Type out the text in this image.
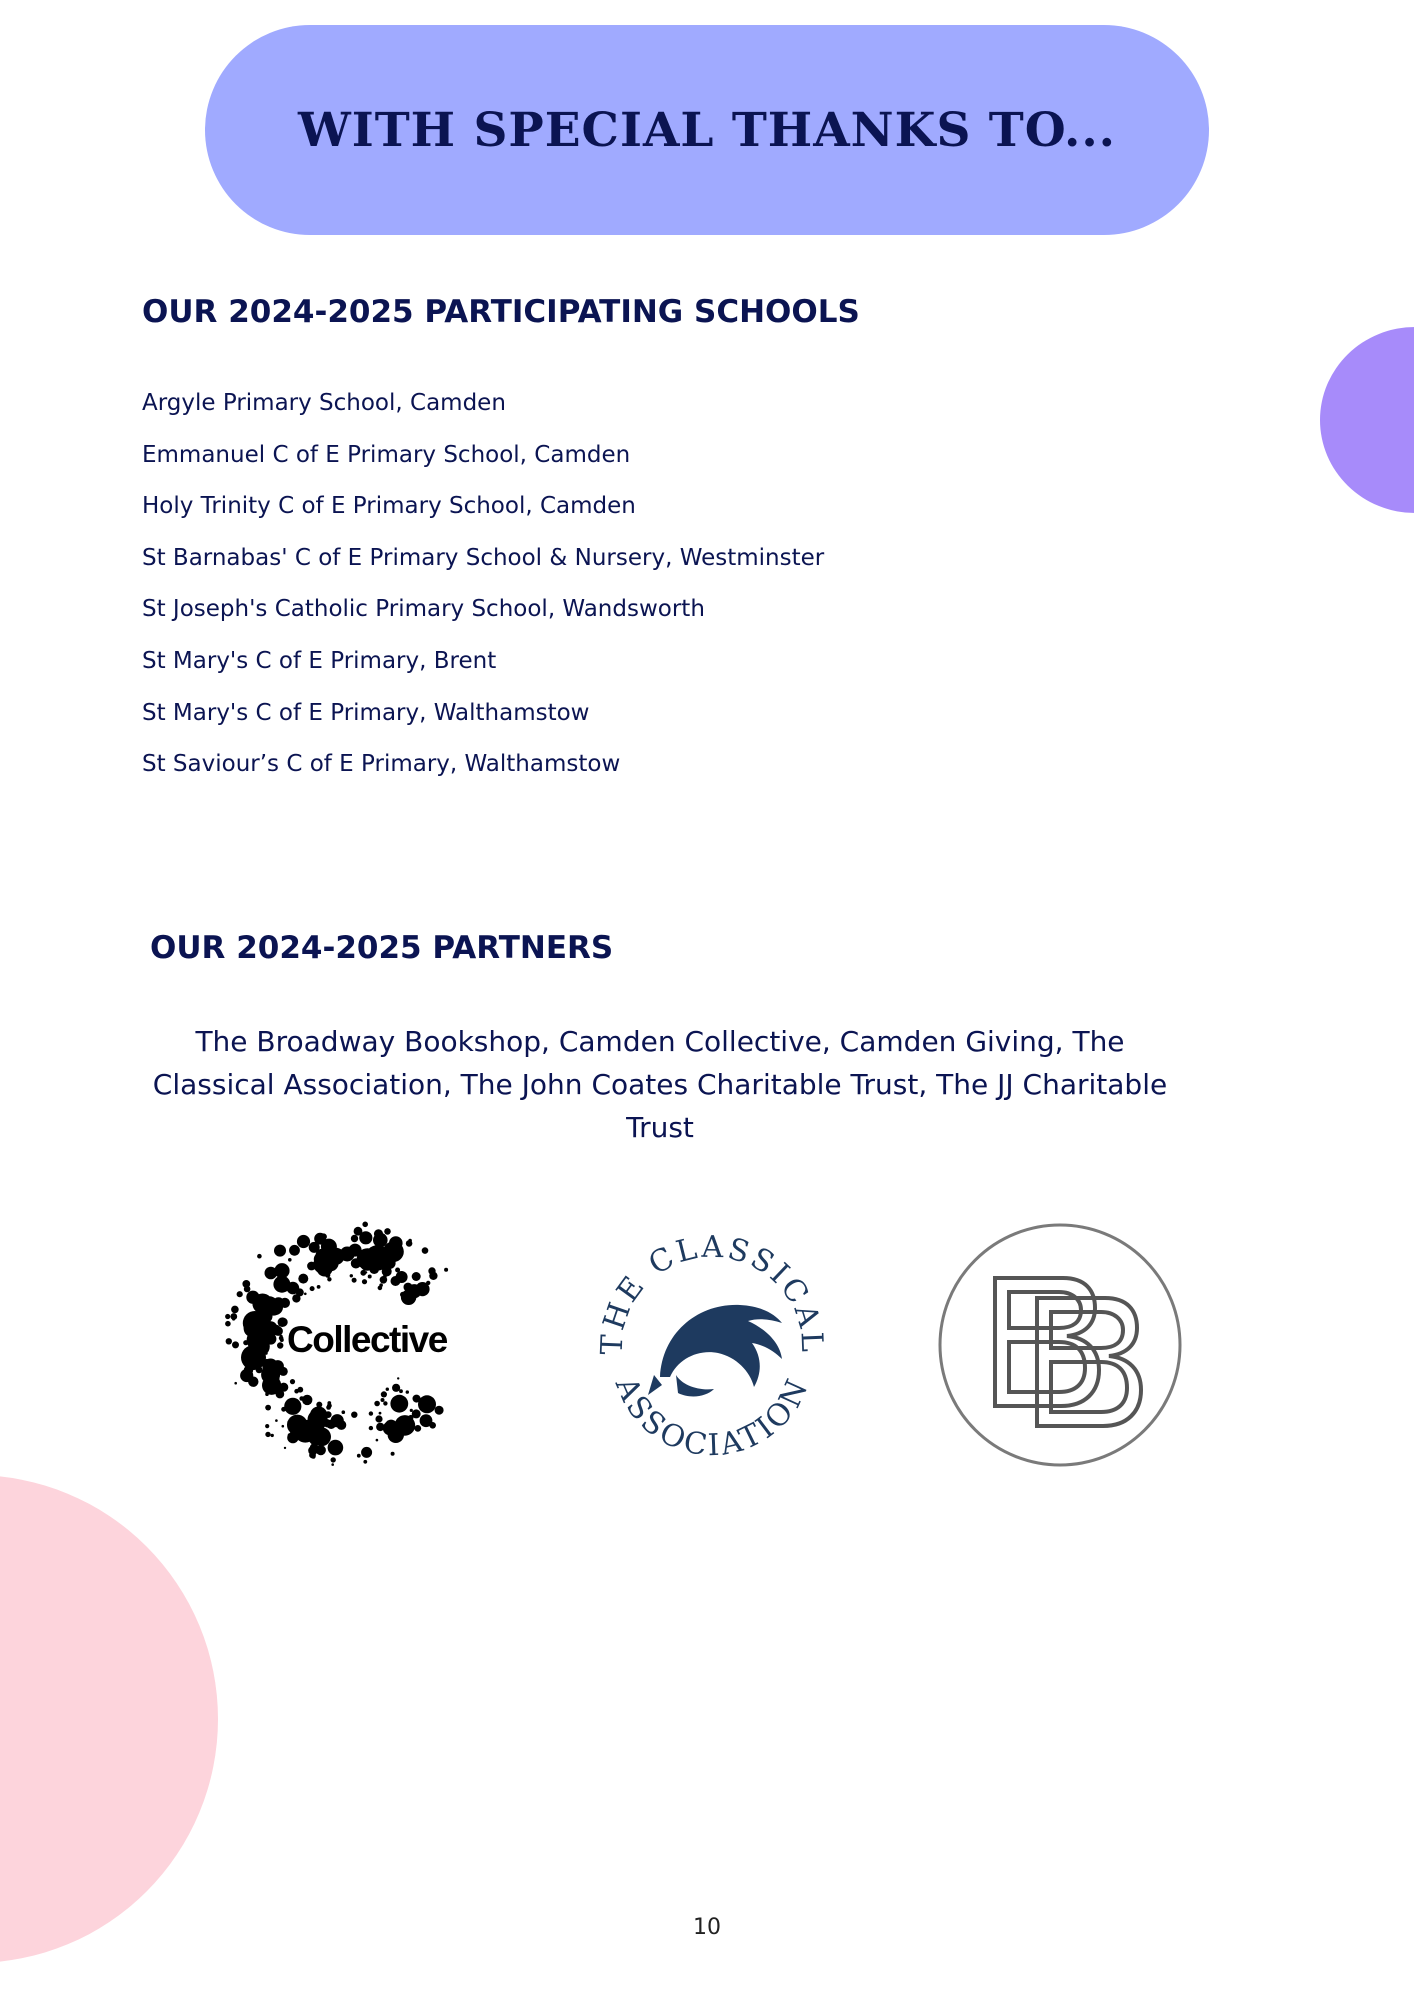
WITH SPECIAL THANKS TO...
OUR 2024-2025 PARTICIPATING SCHOOLS
Argyle Primary School, Camden
Emmanuel C of E Primary School, Camden
Holy Trinity C of E Primary School, Camden
St Barnabas' C of E Primary School & Nursery, Westminster
St Joseph's Catholic Primary School, Wandsworth
St Mary's C of E Primary, Brent
St Mary's C of E Primary, Walthamstow
St Saviour’s C of E Primary, Walthamstow
OUR 2024-2025 PARTNERS

The Broadway Bookshop, Camden Collective, Camden Giving, The Classical Association, The John Coates Charitable Trust, The JJ Charitable Trust

Collective	THE CLASSICAL
ASSOCIATION
10
